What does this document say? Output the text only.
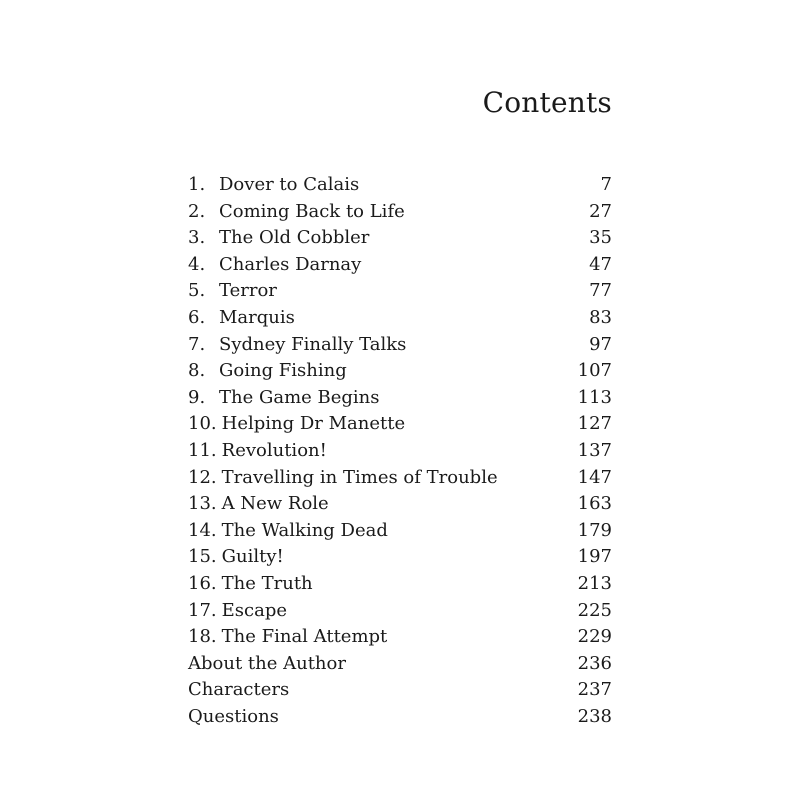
Contents
1. Dover to Calais	7
2. Coming Back to Life	27
3. The Old Cobbler	35
4. Charles Darnay	47
5. Terror	77
6. Marquis	83
7. Sydney Finally Talks	97
8. Going Fishing	107
9. The Game Begins	113
10. Helping Dr Manette	127
11. Revolution!	137
12. Travelling in Times of Trouble	147
13. A New Role	163
14. The Walking Dead	179
15. Guilty!	197
16. The Truth	213
17. Escape	225
18. The Final Attempt	229
About the Author	236
Characters	237
Questions	238
